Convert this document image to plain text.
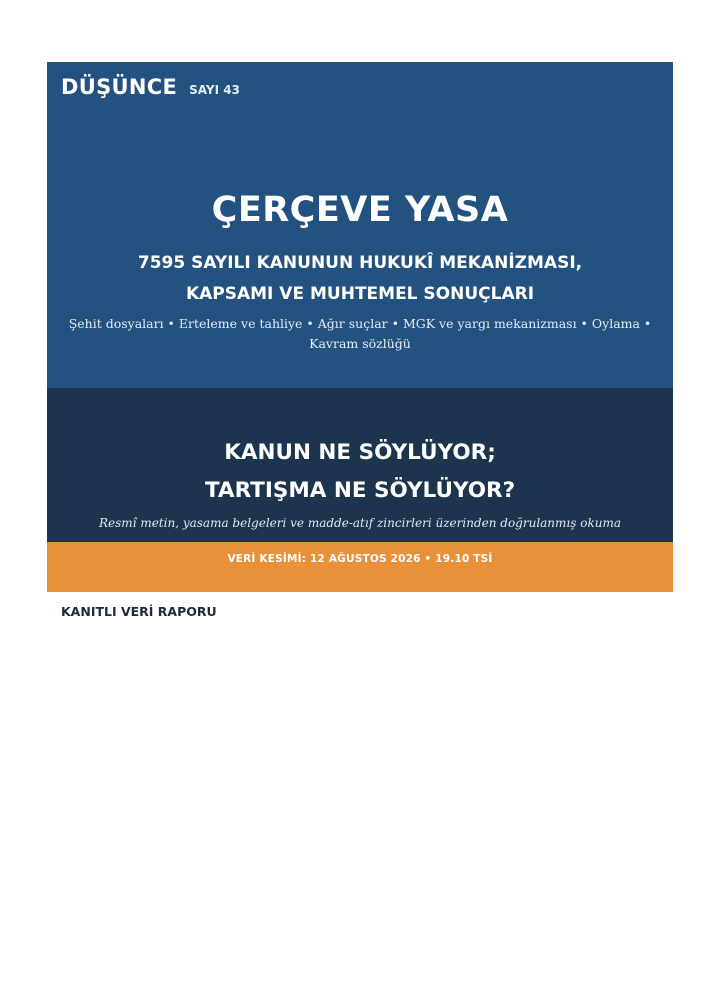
DÜŞÜNCE SAYI 43
ÇERÇEVE YASA
7595 SAYILI KANUNUN HUKUKÎ MEKANİZMASI,
KAPSAMI VE MUHTEMEL SONUÇLARI
Şehit dosyaları • Erteleme ve tahliye • Ağır suçlar • MGK ve yargı mekanizması • Oylama •
Kavram sözlüğü
KANUN NE SÖYLÜYOR;
TARTIŞMA NE SÖYLÜYOR?
Resmî metin, yasama belgeleri ve madde-atıf zincirleri üzerinden doğrulanmış okuma
VERİ KESİMİ: 12 AĞUSTOS 2026 • 19.10 TSİ
KANITLI VERİ RAPORU
